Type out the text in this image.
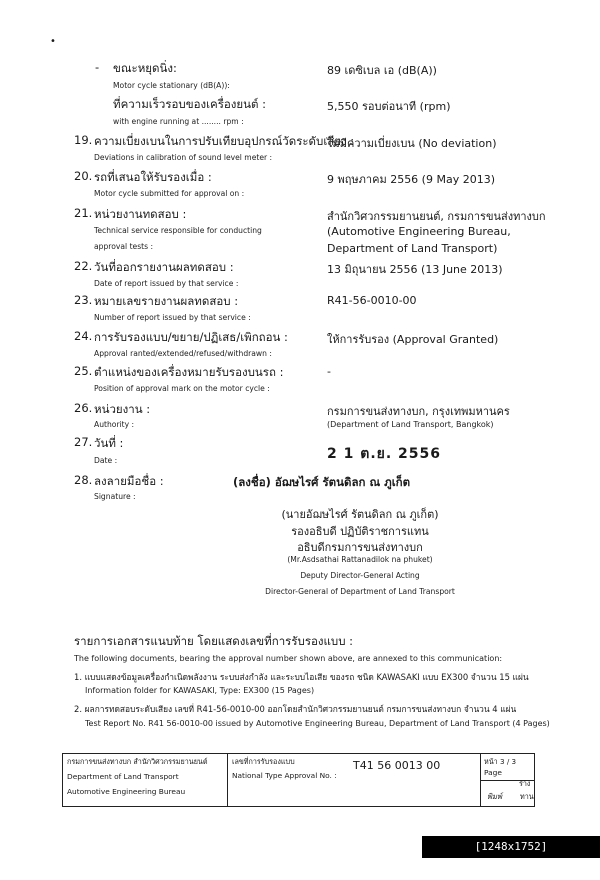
•
- ขณะหยุดนิ่ง:
Motor cycle stationary (dB(A)):
89 เดซิเบล เอ (dB(A))
ที่ความเร็วรอบของเครื่องยนต์ :
with engine running at ........ rpm :
5,550 รอบต่อนาที (rpm)
19. ความเบี่ยงเบนในการปรับเทียบอุปกรณ์วัดระดับเสียง :
Deviations in calibration of sound level meter :
ไม่มีความเบี่ยงเบน (No deviation)
20. รถที่เสนอให้รับรองเมื่อ :
Motor cycle submitted for approval on :
9 พฤษภาคม 2556 (9 May 2013)
21. หน่วยงานทดสอบ :
Technical service responsible for conducting
approval tests :
สำนักวิศวกรรมยานยนต์, กรมการขนส่งทางบก
(Automotive Engineering Bureau,
Department of Land Transport)
22. วันที่ออกรายงานผลทดสอบ :
Date of report issued by that service :
13 มิถุนายน 2556 (13 June 2013)
23. หมายเลขรายงานผลทดสอบ :
Number of report issued by that service :
R41-56-0010-00
24. การรับรองแบบ/ขยาย/ปฏิเสธ/เพิกถอน :
Approval ranted/extended/refused/withdrawn :
ให้การรับรอง (Approval Granted)
25. ตำแหน่งของเครื่องหมายรับรองบนรถ :
Position of approval mark on the motor cycle :
-
26. หน่วยงาน :
Authority :
กรมการขนส่งทางบก, กรุงเทพมหานคร
(Department of Land Transport, Bangkok)
27. วันที่ :
Date :	2 1 ต.ย. 2556
28. ลงลายมือชื่อ :
Signature :
(ลงชื่อ) อัฌษไรศ์ รัตนดิลก ณ ภูเก็ต
(นายอัฌษไรศ์ รัตนดิลก ณ ภูเก็ต)
รองอธิบดี ปฏิบัติราชการแทน
อธิบดีกรมการขนส่งทางบก
(Mr.Asdsathai Rattanadilok na phuket)
Deputy Director-General Acting
Director-General of Department of Land Transport
รายการเอกสารแนบท้าย โดยแสดงเลขที่การรับรองแบบ :
The following documents, bearing the approval number shown above, are annexed to this communication:
1. แบบแสดงข้อมูลเครื่องกำเนิดพลังงาน ระบบส่งกำลัง และระบบไอเสีย ของรถ ชนิด KAWASAKI แบบ EX300 จำนวน 15 แผ่น
Information folder for KAWASAKI, Type: EX300 (15 Pages)
2. ผลการทดสอบระดับเสียง เลขที่ R41-56-0010-00 ออกโดยสำนักวิศวกรรมยานยนต์ กรมการขนส่งทางบก จำนวน 4 แผ่น
Test Report No. R41 56-0010-00 issued by Automotive Engineering Bureau, Department of Land Transport (4 Pages)
กรมการขนส่งทางบก สำนักวิศวกรรมยานยนต์
Department of Land Transport
Automotive Engineering Bureau
เลขที่การรับรองแบบ
National Type Approval No. :
T41 56 0013 00	หน้า 3 / 3
Page
ร่าง
พิมพ์ ทาน
[1248x1752] http://upic.me/
